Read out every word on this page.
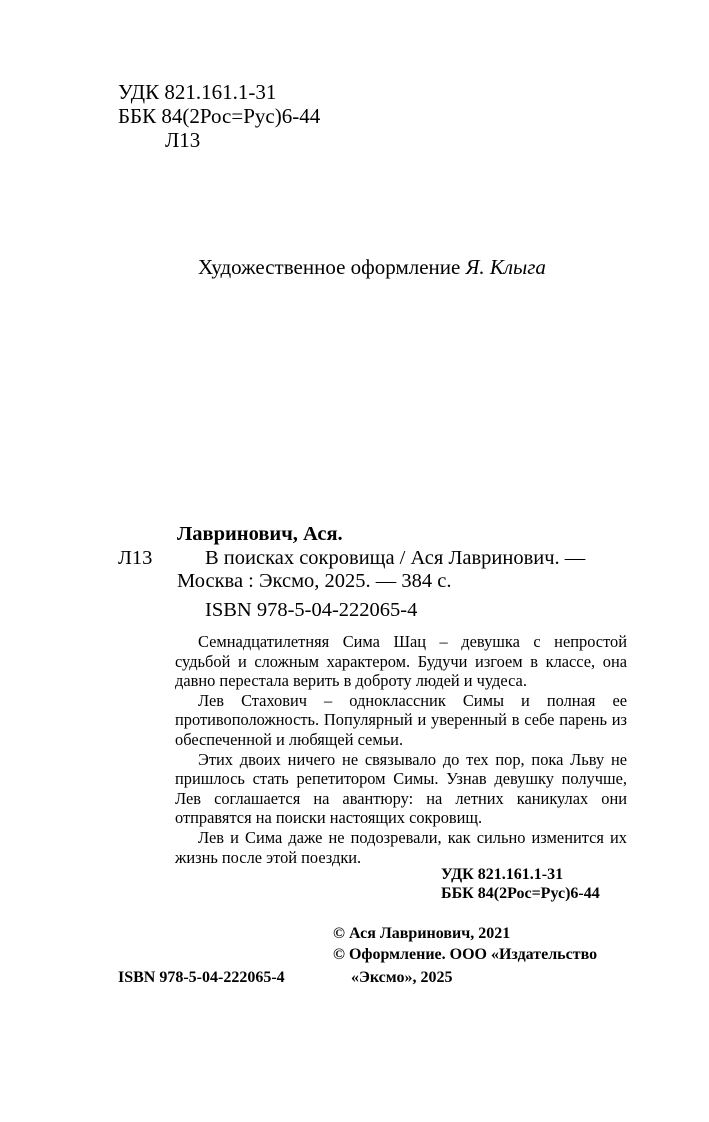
УДК 821.161.1-31
ББК 84(2Рос=Рус)6-44
Л13
Художественное оформление Я. Клыга
Лавринович, Ася.
Л13	В поисках сокровища / Ася Лавринович. —
Москва : Эксмо, 2025. — 384 с.
ISBN 978-5-04-222065-4

Семнадцатилетняя Сима Шац – девушка с непростой судьбой и сложным характером. Будучи изгоем в классе, она давно перестала верить в доброту людей и чудеса.

Лев Стахович – одноклассник Симы и полная ее противоположность. Популярный и уверенный в себе парень из обеспеченной и любящей семьи.

Этих двоих ничего не связывало до тех пор, пока Льву не пришлось стать репетитором Симы. Узнав девушку получше, Лев соглашается на авантюру: на летних каникулах они отправятся на поиски настоящих сокровищ.

Лев и Сима даже не подозревали, как сильно изменится их жизнь после этой поездки.

УДК 821.161.1-31
ББК 84(2Рос=Рус)6-44
© Ася Лавринович, 2021
© Оформление. ООО «Издательство
«Эксмо», 2025
ISBN 978-5-04-222065-4
